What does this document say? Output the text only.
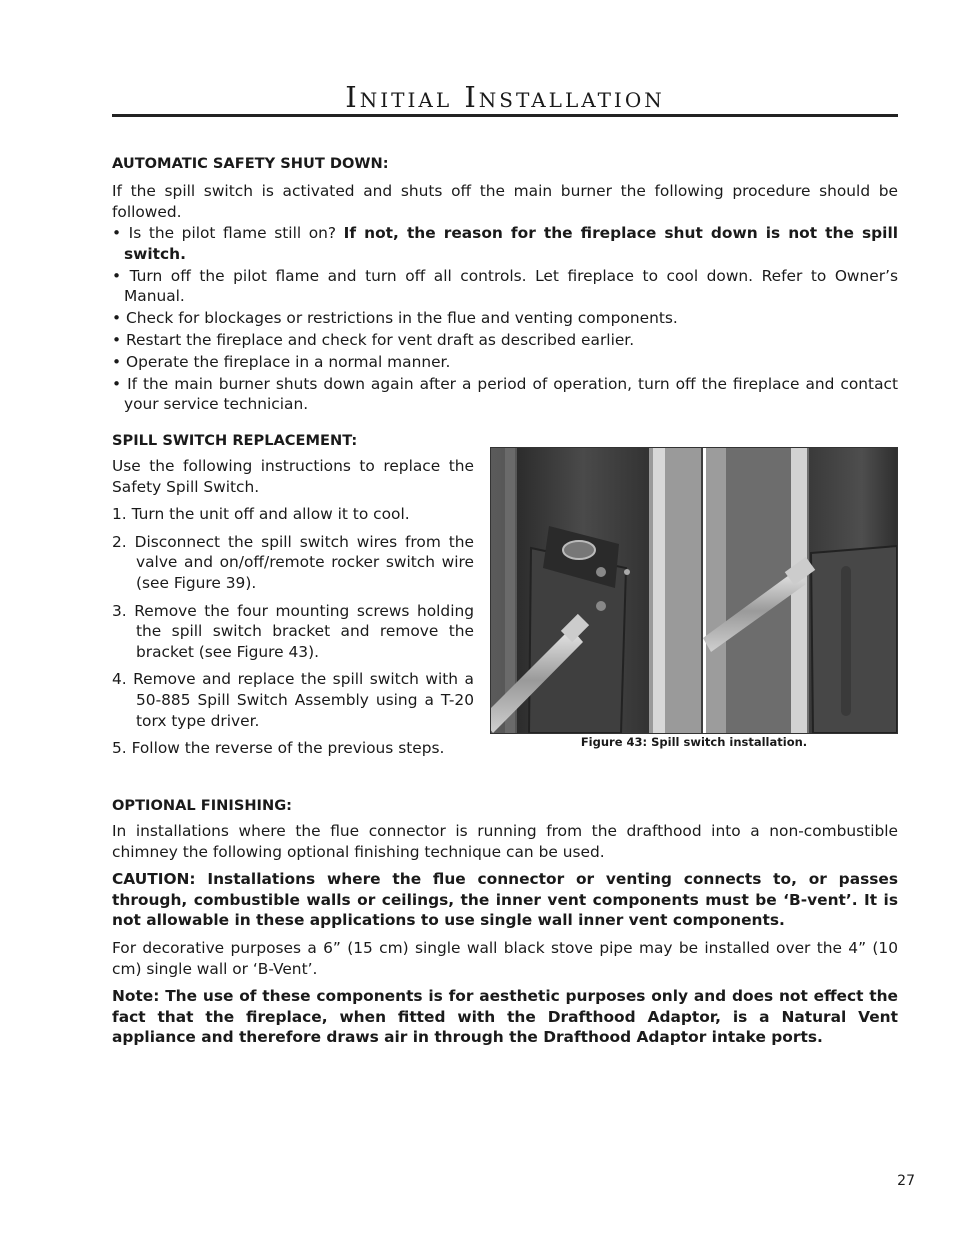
Initial Installation
AUTOMATIC SAFETY SHUT DOWN:

If the spill switch is activated and shuts off the main burner the following procedure should be followed.

• Is the pilot flame still on? If not, the reason for the fireplace shut down is not the spill switch.
• Turn off the pilot flame and turn off all controls. Let fireplace to cool down. Refer to Owner’s Manual.
• Check for blockages or restrictions in the flue and venting components.
• Restart the fireplace and check for vent draft as described earlier.
• Operate the fireplace in a normal manner.
• If the main burner shuts down again after a period of operation, turn off the fireplace and contact your service technician.
SPILL SWITCH REPLACEMENT:

Use the following instructions to replace the Safety Spill Switch.

1. Turn the unit off and allow it to cool.
2. Disconnect the spill switch wires from the valve and on/off/remote rocker switch wire (see Figure 39).
3. Remove the four mounting screws holding the spill switch bracket and remove the bracket (see Figure 43).
4. Remove and replace the spill switch with a 50-885 Spill Switch Assembly using a T-20 torx type driver.
5. Follow the reverse of the previous steps.	Figure 43: Spill switch installation.
OPTIONAL FINISHING:

In installations where the flue connector is running from the drafthood into a non-combustible chimney the following optional finishing technique can be used.

CAUTION: Installations where the flue connector or venting connects to, or passes through, combustible walls or ceilings, the inner vent components must be ‘B-vent’. It is not allowable in these applications to use single wall inner vent components.

For decorative purposes a 6” (15 cm) single wall black stove pipe may be installed over the 4” (10 cm) single wall or ‘B-Vent’.

Note: The use of these components is for aesthetic purposes only and does not effect the fact that the fireplace, when fitted with the Drafthood Adaptor, is a Natural Vent appliance and therefore draws air in through the Drafthood Adaptor intake ports.

27
